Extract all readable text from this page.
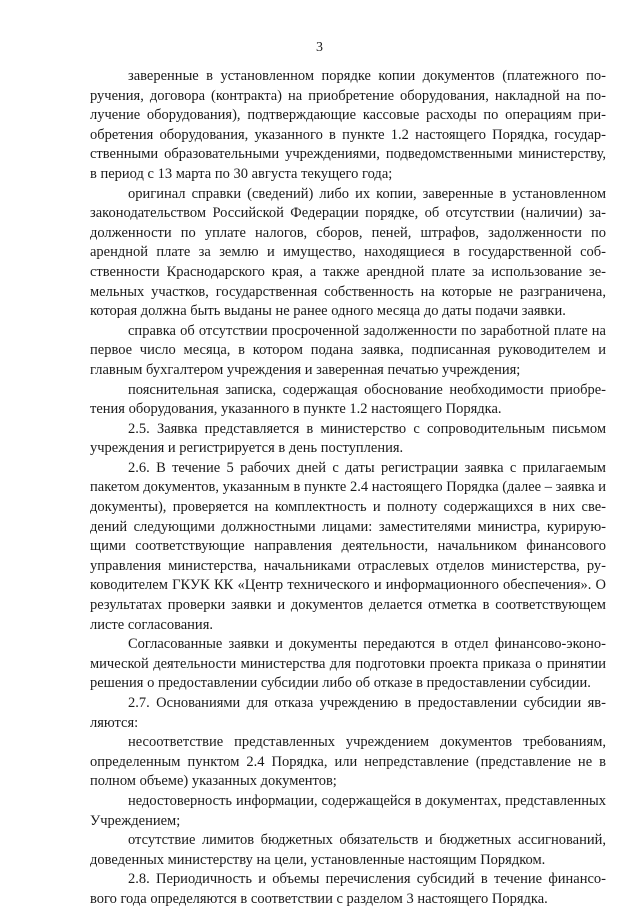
3

заверенные в установленном порядке копии документов (платежного поручения, договора (контракта) на приобретение оборудования, накладной на получение оборудования), подтверждающие кассовые расходы по операциям приобретения оборудования, указанного в пункте 1.2 настоящего Порядка, государственными образовательными учреждениями, подведомственными министерству, в период с 13 марта по 30 августа текущего года;

оригинал справки (сведений) либо их копии, заверенные в установленном законодательством Российской Федерации порядке, об отсутствии (наличии) задолженности по уплате налогов, сборов, пеней, штрафов, задолженности по арендной плате за землю и имущество, находящиеся в государственной собственности Краснодарского края, а также арендной плате за использование земельных участков, государственная собственность на которые не разграничена, которая должна быть выданы не ранее одного месяца до даты подачи заявки.

справка об отсутствии просроченной задолженности по заработной плате на первое число месяца, в котором подана заявка, подписанная руководителем и главным бухгалтером учреждения и заверенная печатью учреждения;

пояснительная записка, содержащая обоснование необходимости приобретения оборудования, указанного в пункте 1.2 настоящего Порядка.

2.5. Заявка представляется в министерство с сопроводительным письмом учреждения и регистрируется в день поступления.

2.6. В течение 5 рабочих дней с даты регистрации заявка с прилагаемым пакетом документов, указанным в пункте 2.4 настоящего Порядка (далее – заявка и документы), проверяется на комплектность и полноту содержащихся в них сведений следующими должностными лицами: заместителями министра, курирующими соответствующие направления деятельности, начальником финансового управления министерства, начальниками отраслевых отделов министерства, руководителем ГКУК КК «Центр технического и информационного обеспечения». О результатах проверки заявки и документов делается отметка в соответствующем листе согласования.

Согласованные заявки и документы передаются в отдел финансово-экономической деятельности министерства для подготовки проекта приказа о принятии решения о предоставлении субсидии либо об отказе в предоставлении субсидии.

2.7. Основаниями для отказа учреждению в предоставлении субсидии являются:

несоответствие представленных учреждением документов требованиям, определенным пунктом 2.4 Порядка, или непредставление (представление не в полном объеме) указанных документов;

недостоверность информации, содержащейся в документах, представленных Учреждением;

отсутствие лимитов бюджетных обязательств и бюджетных ассигнований, доведенных министерству на цели, установленные настоящим Порядком.

2.8. Периодичность и объемы перечисления субсидий в течение финансового года определяются в соответствии с разделом 3 настоящего Порядка.
